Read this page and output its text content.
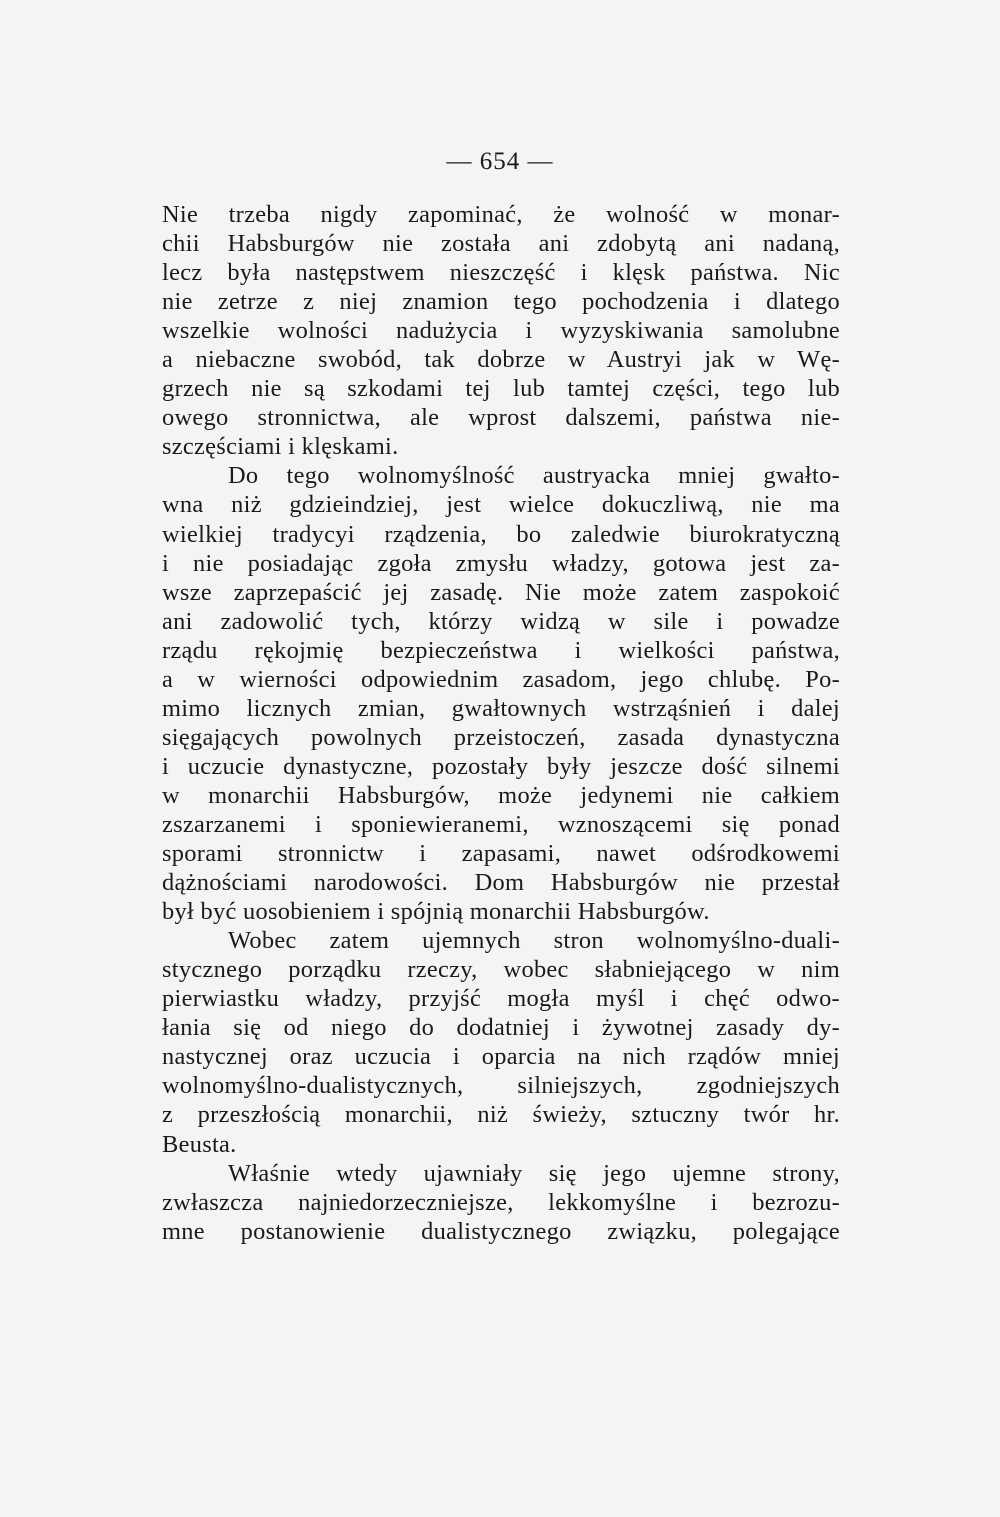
— 654 —
Nie trzeba nigdy zapominać, że wolność w monar-
chii Habsburgów nie została ani zdobytą ani nadaną,
lecz była następstwem nieszczęść i klęsk państwa. Nic
nie zetrze z niej znamion tego pochodzenia i dlatego
wszelkie wolności nadużycia i wyzyskiwania samolubne
a niebaczne swobód, tak dobrze w Austryi jak w Wę-
grzech nie są szkodami tej lub tamtej części, tego lub
owego stronnictwa, ale wprost dalszemi, państwa nie-
szczęściami i klęskami.
Do tego wolnomyślność austryacka mniej gwałto-
wna niż gdzieindziej, jest wielce dokuczliwą, nie ma
wielkiej tradycyi rządzenia, bo zaledwie biurokratyczną
i nie posiadając zgoła zmysłu władzy, gotowa jest za-
wsze zaprzepaścić jej zasadę. Nie może zatem zaspokoić
ani zadowolić tych, którzy widzą w sile i powadze
rządu rękojmię bezpieczeństwa i wielkości państwa,
a w wierności odpowiednim zasadom, jego chlubę. Po-
mimo licznych zmian, gwałtownych wstrząśnień i dalej
sięgających powolnych przeistoczeń, zasada dynastyczna
i uczucie dynastyczne, pozostały były jeszcze dość silnemi
w monarchii Habsburgów, może jedynemi nie całkiem
zszarzanemi i sponiewieranemi, wznoszącemi się ponad
sporami stronnictw i zapasami, nawet odśrodkowemi
dążnościami narodowości. Dom Habsburgów nie przestał
był być uosobieniem i spójnią monarchii Habsburgów.
Wobec zatem ujemnych stron wolnomyślno-duali-
stycznego porządku rzeczy, wobec słabniejącego w nim
pierwiastku władzy, przyjść mogła myśl i chęć odwo-
łania się od niego do dodatniej i żywotnej zasady dy-
nastycznej oraz uczucia i oparcia na nich rządów mniej
wolnomyślno-dualistycznych, silniejszych, zgodniejszych
z przeszłością monarchii, niż świeży, sztuczny twór hr.
Beusta.
Właśnie wtedy ujawniały się jego ujemne strony,
zwłaszcza najniedorzeczniejsze, lekkomyślne i bezrozu-
mne postanowienie dualistycznego związku, polegające
